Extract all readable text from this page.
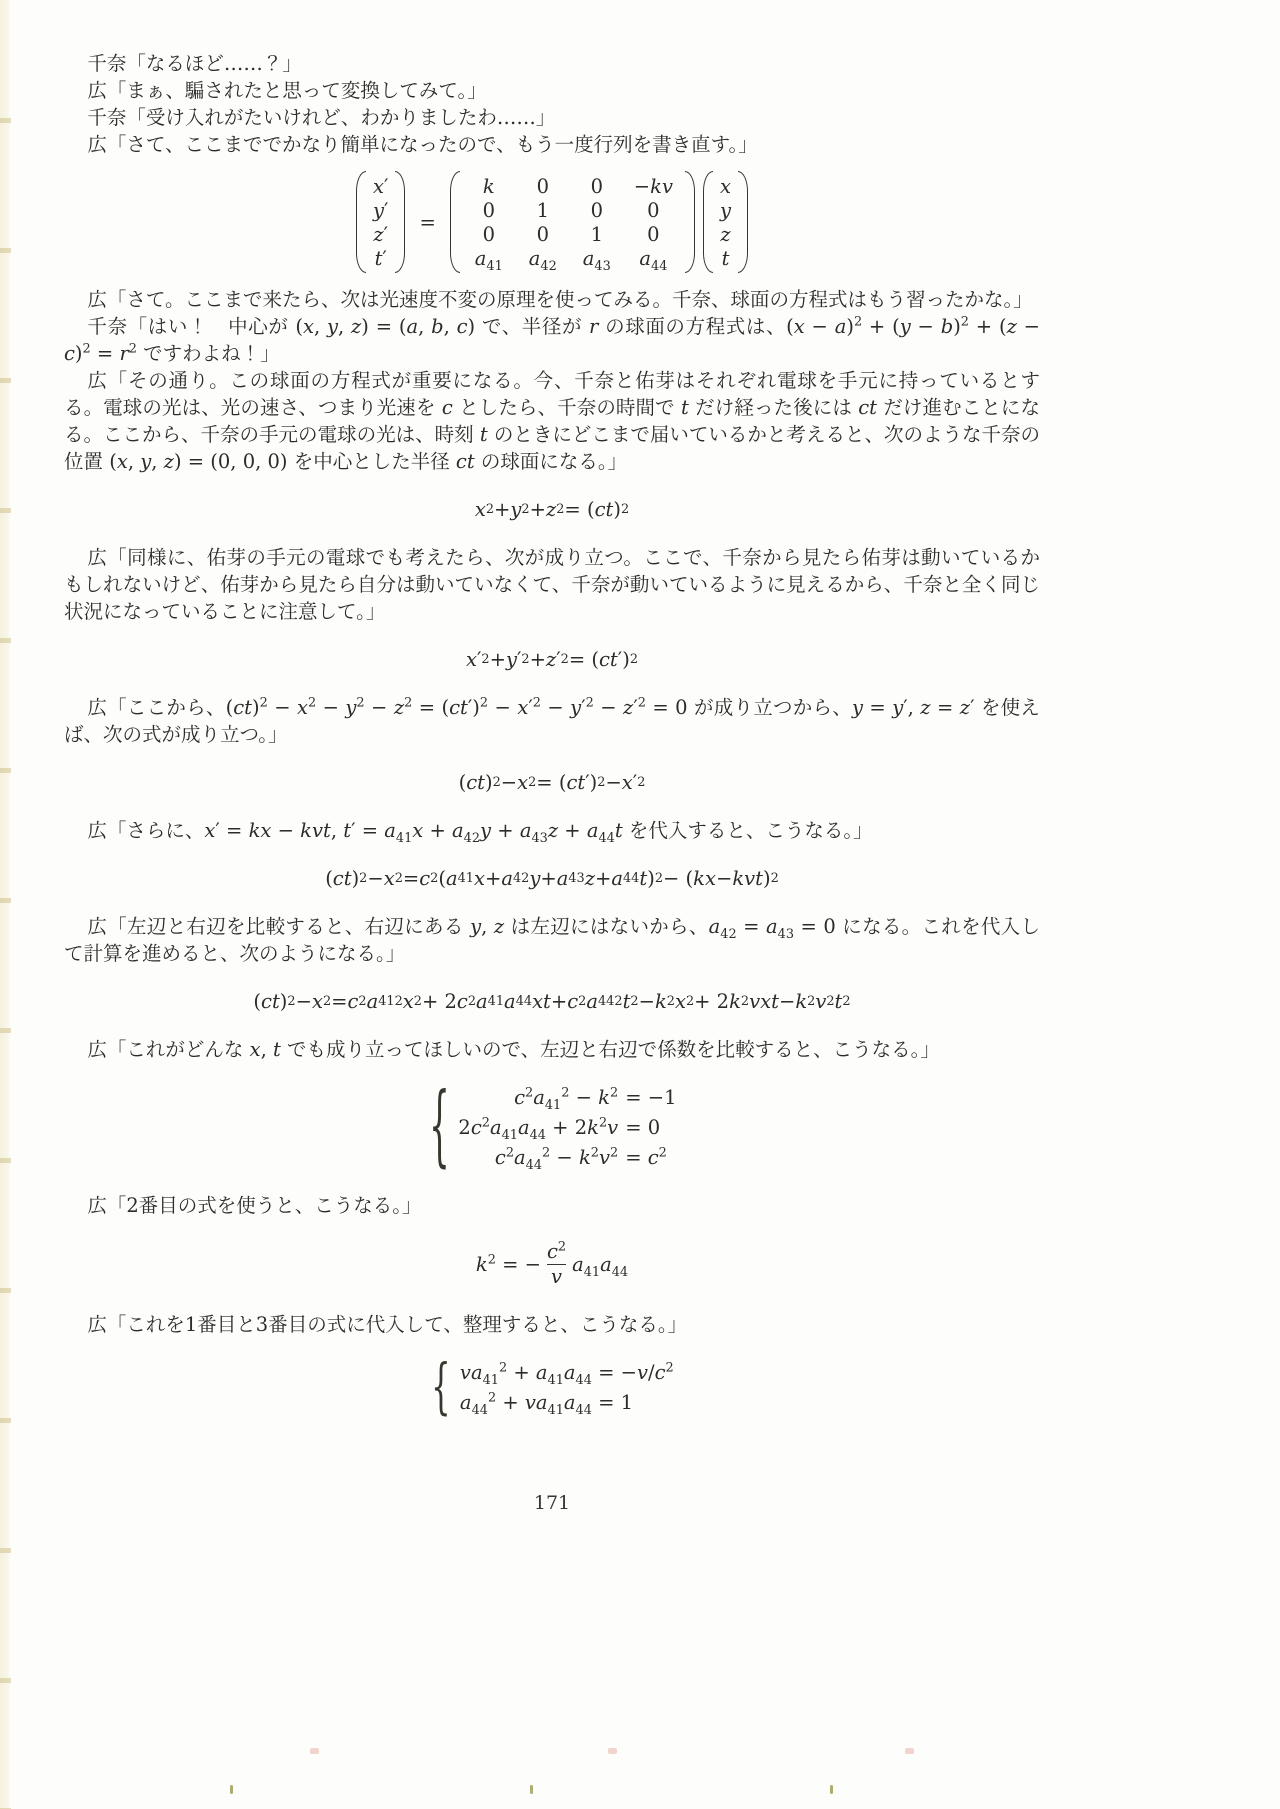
千奈「なるほど……？」

広「まぁ、騙されたと思って変換してみて。」

千奈「受け入れがたいけれど、わかりましたわ……」

広「さて、ここまででかなり簡単になったので、もう一度行列を書き直す。」

x′
y′
z′
t′
=
k 0 0 −kv
0 1 0 0
0 0 1 0
$a_{41}$ $a_{42}$ $a_{43}$ $a_{44}$
x
y
z
t

広「さて。ここまで来たら、次は光速度不変の原理を使ってみる。千奈、球面の方程式はもう習ったかな。」

千奈「はい！　中心が (x, y, z) = (a, b, c) で、半径が r の球面の方程式は、$(x - a)^2 + (y - b)^2 + (z - c)^2 = r^2$ ですわよね！」

広「その通り。この球面の方程式が重要になる。今、千奈と佑芽はそれぞれ電球を手元に持っているとする。電球の光は、光の速さ、つまり光速を c としたら、千奈の時間で t だけ経った後には ct だけ進むことになる。ここから、千奈の手元の電球の光は、時刻 t のときにどこまで届いているかと考えると、次のような千奈の位置 (x, y, z) = (0, 0, 0) を中心とした半径 ct の球面になる。」

x 2 + y 2 + z 2 = ( ct ) 2

広「同様に、佑芽の手元の電球でも考えたら、次が成り立つ。ここで、千奈から見たら佑芽は動いているかもしれないけど、佑芽から見たら自分は動いていなくて、千奈が動いているように見えるから、千奈と全く同じ状況になっていることに注意して。」

x ′ 2 + y ′ 2 + z ′ 2 = ( ct ′) 2

広「ここから、$(ct)^2 - x^2 - y^2 - z^2 = (ct')^2 - x'^2 - y'^2 - z'^2 = 0$ が成り立つから、y = y′, z = z′ を使えば、次の式が成り立つ。」

( ct ) 2 − x 2 = ( ct ′) 2 − x ′ 2

広「さらに、x′ = kx − kvt, $t' = a_{41}x + a_{42}y + a_{43}z + a_{44}t$ を代入すると、こうなる。」

( ct ) 2 − x 2 = c 2 ( a 41 x + a 42 y + a 43 z + a 44 t ) 2 − ( kx − kvt ) 2

広「左辺と右辺を比較すると、右辺にある y, z は左辺にはないから、$a_{42} = a_{43} = 0$ になる。これを代入して計算を進めると、次のようになる。」

( ct ) 2 − x 2 = c 2 a 41 2 x 2 + 2 c 2 a 41 a 44 xt + c 2 a 44 2 t 2 − k 2 x 2 + 2 k 2 vxt − k 2 v 2 t 2

広「これがどんな x, t でも成り立ってほしいので、左辺と右辺で係数を比較すると、こうなる。」

{	$c^2a_{41}^2 - k^2 = -1$
$2c^2a_{41}a_{44} + 2k^2v = 0$
$c^2a_{44}^2 - k^2v^2 = c^2$

広「2番目の式を使うと、こうなる。」

$k^2$ = − $\frac{c^2}{v} a_{41}a_{44}$

広「これを1番目と3番目の式に代入して、整理すると、こうなる。」

{ $va_{41}^2 + a_{41}a_{44} = -v/c^2$
$a_{44}^2 + va_{41}a_{44} = 1$
171
